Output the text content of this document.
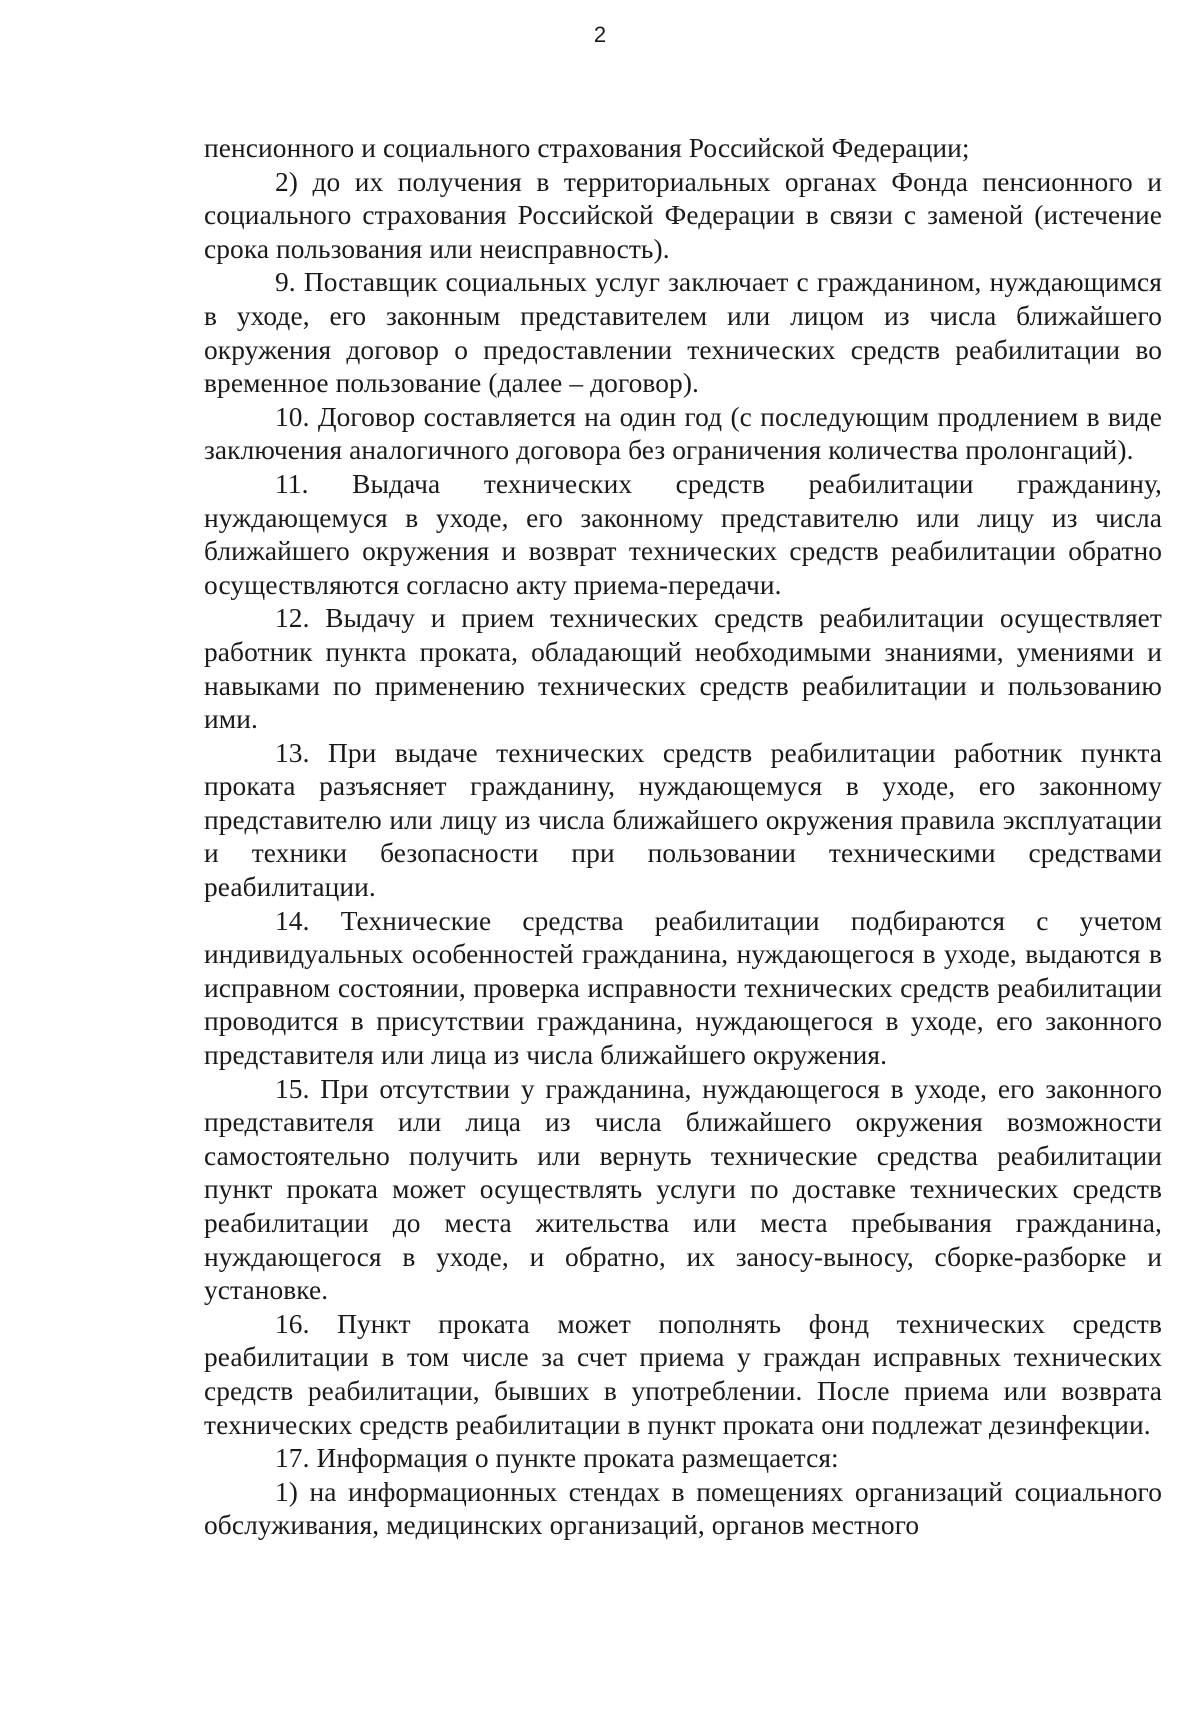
2

пенсионного и социального страхования Российской Федерации;

2) до их получения в территориальных органах Фонда пенсионного и социального страхования Российской Федерации в связи с заменой (истечение срока пользования или неисправность).

9. Поставщик социальных услуг заключает с гражданином, нуждающимся в уходе, его законным представителем или лицом из числа ближайшего окружения договор о предоставлении технических средств реабилитации во временное пользование (далее – договор).

10. Договор составляется на один год (с последующим продлением в виде заключения аналогичного договора без ограничения количества пролонгаций).

11. Выдача технических средств реабилитации гражданину, нуждающемуся в уходе, его законному представителю или лицу из числа ближайшего окружения и возврат технических средств реабилитации обратно осуществляются согласно акту приема-передачи.

12. Выдачу и прием технических средств реабилитации осуществляет работник пункта проката, обладающий необходимыми знаниями, умениями и навыками по применению технических средств реабилитации и пользованию ими.

13. При выдаче технических средств реабилитации работник пункта проката разъясняет гражданину, нуждающемуся в уходе, его законному представителю или лицу из числа ближайшего окружения правила эксплуатации и техники безопасности при пользовании техническими средствами реабилитации.

14. Технические средства реабилитации подбираются с учетом индивидуальных особенностей гражданина, нуждающегося в уходе, выдаются в исправном состоянии, проверка исправности технических средств реабилитации проводится в присутствии гражданина, нуждающегося в уходе, его законного представителя или лица из числа ближайшего окружения.

15. При отсутствии у гражданина, нуждающегося в уходе, его законного представителя или лица из числа ближайшего окружения возможности самостоятельно получить или вернуть технические средства реабилитации пункт проката может осуществлять услуги по доставке технических средств реабилитации до места жительства или места пребывания гражданина, нуждающегося в уходе, и обратно, их заносу-выносу, сборке-разборке и установке.

16. Пункт проката может пополнять фонд технических средств реабилитации в том числе за счет приема у граждан исправных технических средств реабилитации, бывших в употреблении. После приема или возврата технических средств реабилитации в пункт проката они подлежат дезинфекции.

17. Информация о пункте проката размещается:

1) на информационных стендах в помещениях организаций социального обслуживания, медицинских организаций, органов местного
